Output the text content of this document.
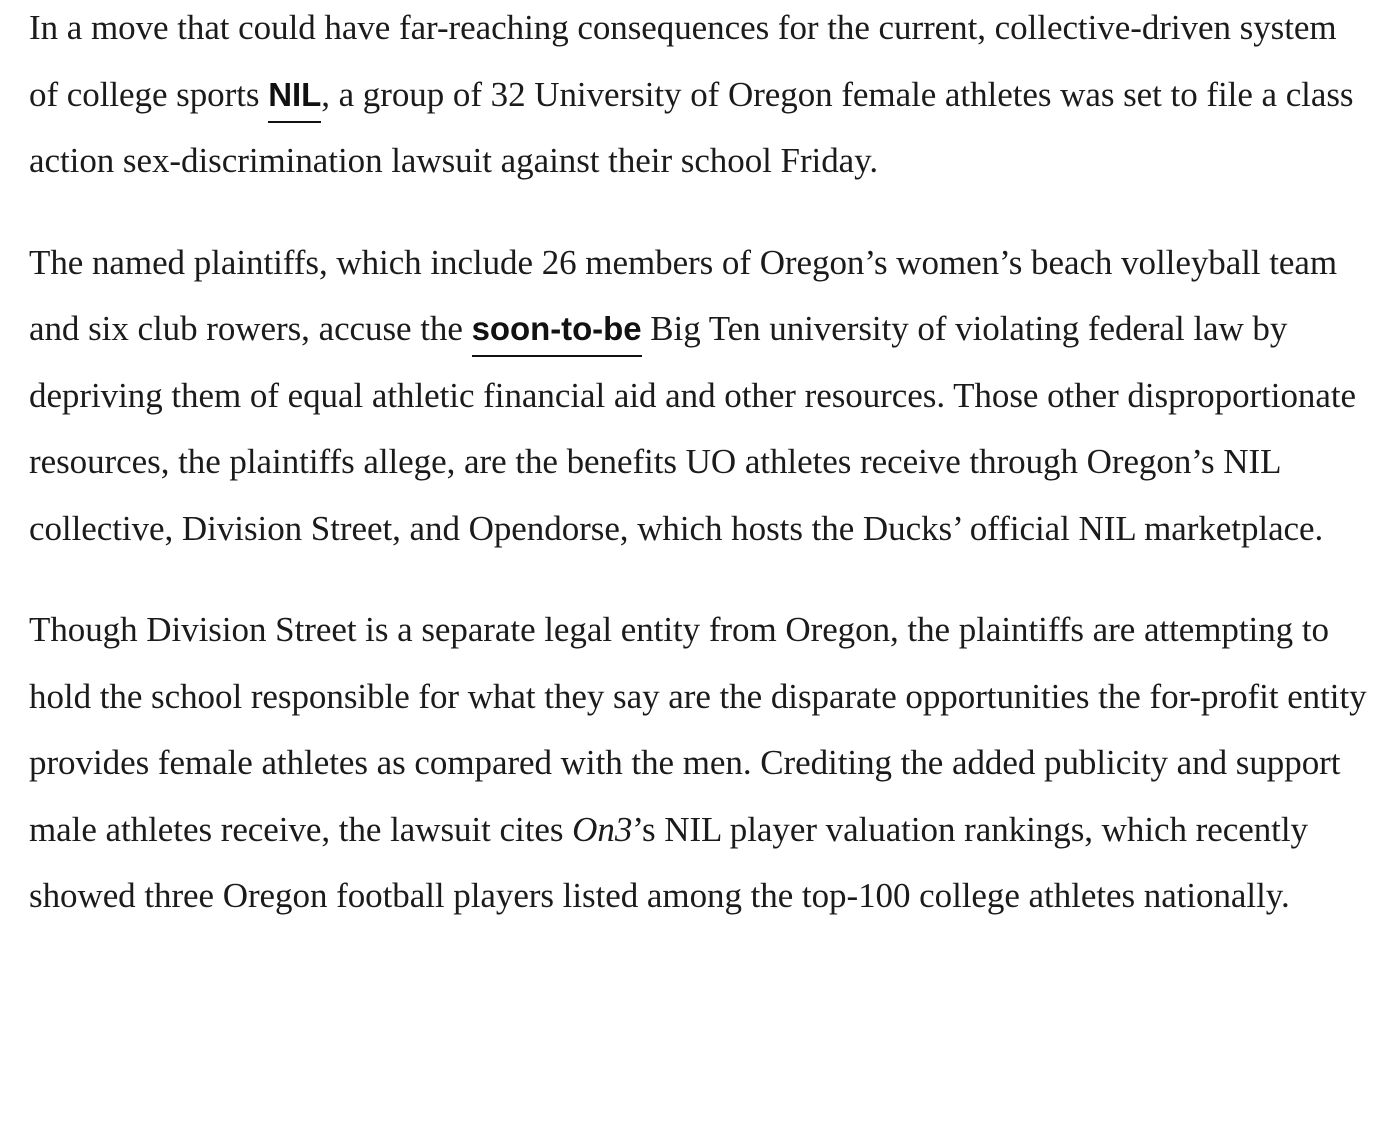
In a move that could have far-reaching consequences for the current, collective-driven system of college sports NIL, a group of 32 University of Oregon female athletes was set to file a class action sex-discrimination lawsuit against their school Friday.

The named plaintiffs, which include 26 members of Oregon’s women’s beach volleyball team and six club rowers, accuse the soon-to-be Big Ten university of violating federal law by depriving them of equal athletic financial aid and other resources. Those other disproportionate resources, the plaintiffs allege, are the benefits UO athletes receive through Oregon’s NIL collective, Division Street, and Opendorse, which hosts the Ducks’ official NIL marketplace.

Though Division Street is a separate legal entity from Oregon, the plaintiffs are attempting to hold the school responsible for what they say are the disparate opportunities the for-profit entity provides female athletes as compared with the men. Crediting the added publicity and support male athletes receive, the lawsuit cites On3’s NIL player valuation rankings, which recently showed three Oregon football players listed among the top-100 college athletes nationally.
